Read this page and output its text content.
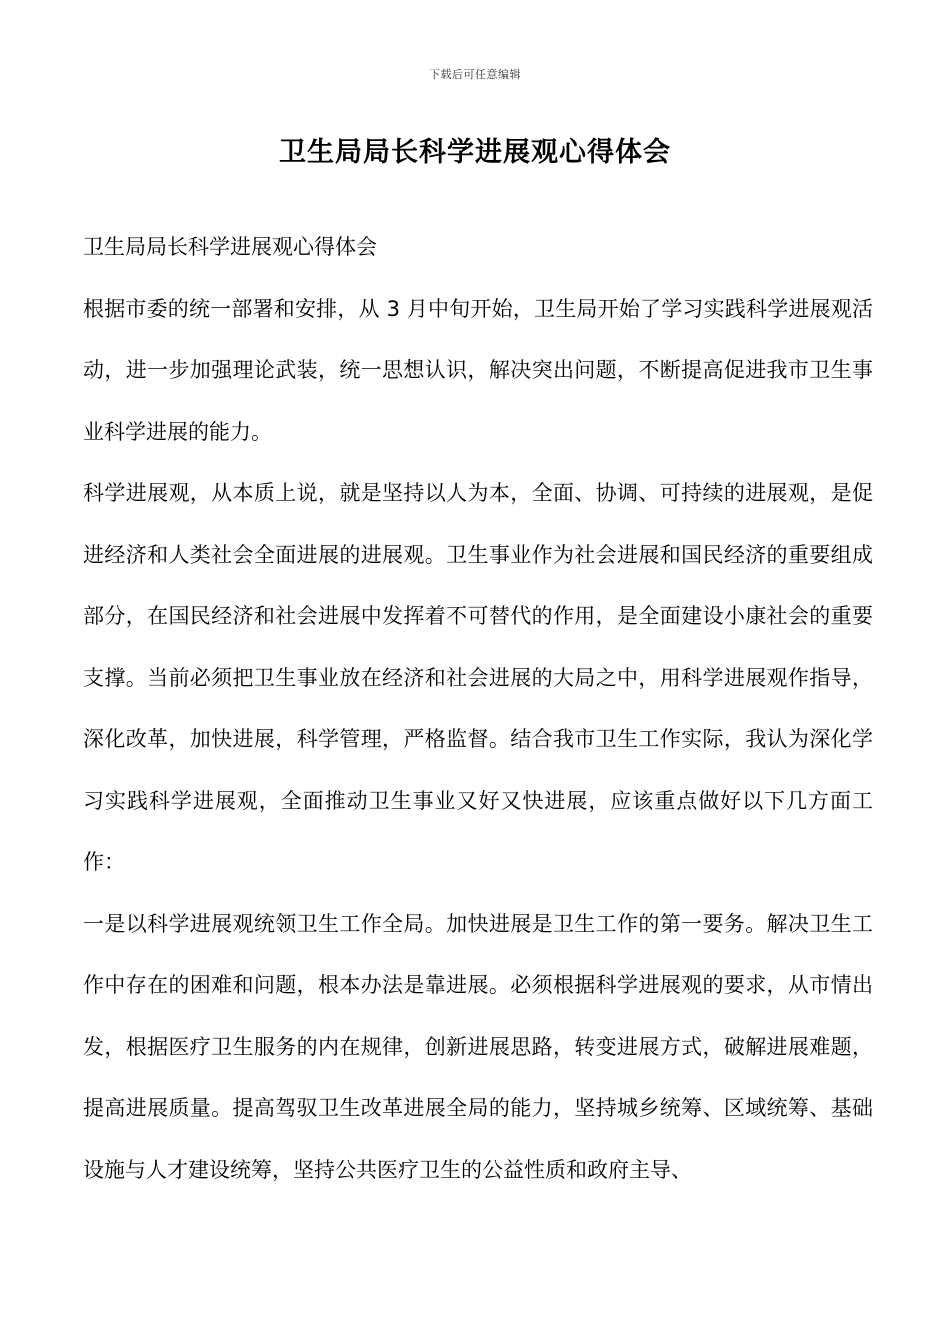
下载后可任意编辑
卫生局局长科学进展观心得体会

卫生局局长科学进展观心得体会

根据市委的统一部署和安排，从 3 月中旬开始，卫生局开始了学习实践科学进展观活动，进一步加强理论武装，统一思想认识，解决突出问题，不断提高促进我市卫生事业科学进展的能力。

科学进展观，从本质上说，就是坚持以人为本，全面、协调、可持续的进展观，是促进经济和人类社会全面进展的进展观。卫生事业作为社会进展和国民经济的重要组成部分，在国民经济和社会进展中发挥着不可替代的作用，是全面建设小康社会的重要支撑。当前必须把卫生事业放在经济和社会进展的大局之中，用科学进展观作指导，深化改革，加快进展，科学管理，严格监督。结合我市卫生工作实际，我认为深化学习实践科学进展观，全面推动卫生事业又好又快进展，应该重点做好以下几方面工作：

一是以科学进展观统领卫生工作全局。加快进展是卫生工作的第一要务。解决卫生工作中存在的困难和问题，根本办法是靠进展。必须根据科学进展观的要求，从市情出发，根据医疗卫生服务的内在规律，创新进展思路，转变进展方式，破解进展难题，提高进展质量。提高驾驭卫生改革进展全局的能力，坚持城乡统筹、区域统筹、基础设施与人才建设统筹，坚持公共医疗卫生的公益性质和政府主导、
